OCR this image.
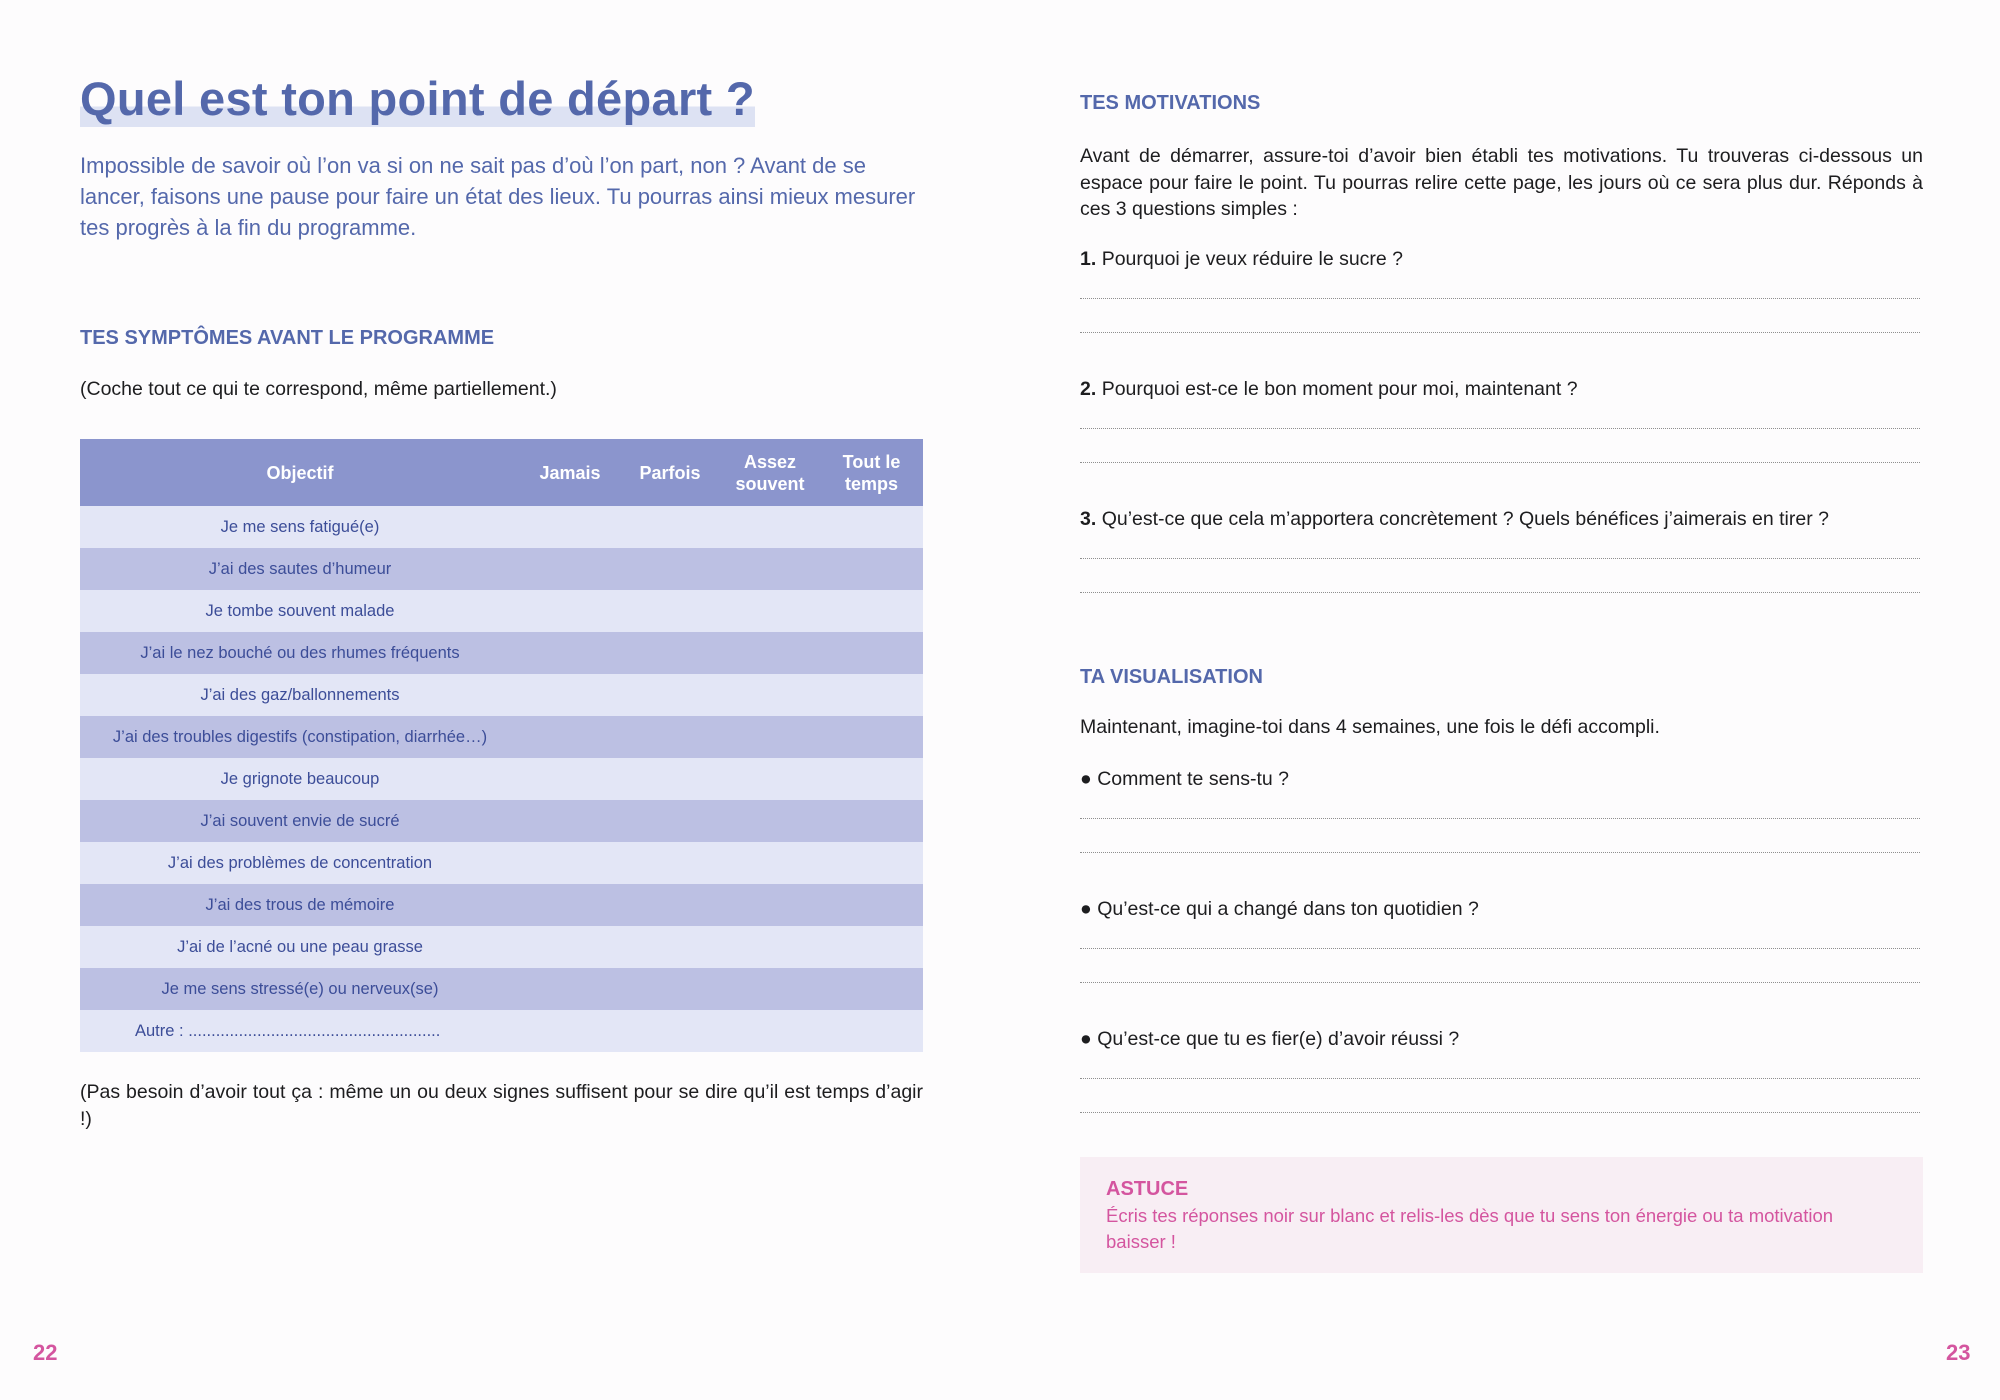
Quel est ton point de départ ?

Impossible de savoir où l’on va si on ne sait pas d’où l’on part, non ? Avant de se lancer, faisons une pause pour faire un état des lieux. Tu pourras ainsi mieux mesurer tes progrès à la fin du programme.

TES SYMPTÔMES AVANT LE PROGRAMME

(Coche tout ce qui te correspond, même partiellement.)

Objectif	Jamais	Parfois	Assez souvent	Tout le temps
Je me sens fatigué(e)				
J’ai des sautes d’humeur				
Je tombe souvent malade				
J’ai le nez bouché ou des rhumes fréquents				
J’ai des gaz/ballonnements				
J’ai des troubles digestifs (constipation, diarrhée…)				
Je grignote beaucoup				
J’ai souvent envie de sucré				
J’ai des problèmes de concentration				
J’ai des trous de mémoire				
J’ai de l’acné ou une peau grasse				
Je me sens stressé(e) ou nerveux(se)				
Autre : .......................................................				

(Pas besoin d’avoir tout ça : même un ou deux signes suffisent pour se dire qu’il est temps d’agir !)

22

TES MOTIVATIONS

Avant de démarrer, assure-toi d’avoir bien établi tes motivations. Tu trouveras ci-dessous un espace pour faire le point. Tu pourras relire cette page, les jours où ce sera plus dur. Réponds à ces 3 questions simples :

1. Pourquoi je veux réduire le sucre ?

2. Pourquoi est-ce le bon moment pour moi, maintenant ?

3. Qu’est-ce que cela m’apportera concrètement ? Quels bénéfices j’aimerais en tirer ?

TA VISUALISATION

Maintenant, imagine-toi dans 4 semaines, une fois le défi accompli.

● Comment te sens-tu ?

● Qu’est-ce qui a changé dans ton quotidien ?

● Qu’est-ce que tu es fier(e) d’avoir réussi ?

ASTUCE
Écris tes réponses noir sur blanc et relis-les dès que tu sens ton énergie ou ta motivation baisser !

23
